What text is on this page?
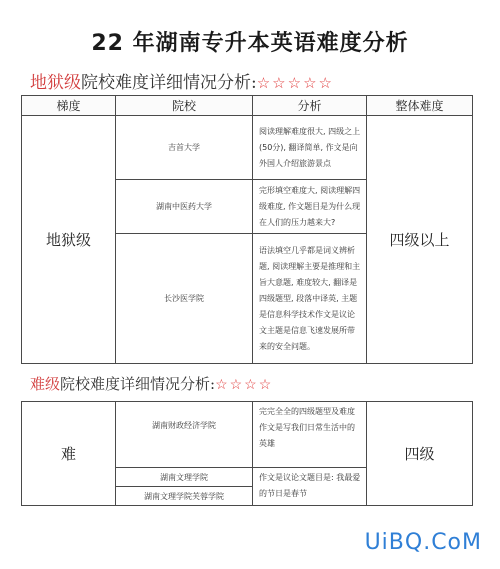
22 年湖南专升本英语难度分析
地狱级院校难度详细情况分析:☆☆☆☆☆
梯度	院校	分析	整体难度
地狱级	吉首大学	阅读理解难度很大, 四级之上(50分), 翻译简单, 作文是向外国人介绍旅游景点	四级以上
	湖南中医药大学	完形填空难度大, 阅读理解四级难度, 作文题目是为什么现在人们的压力越来大?	
	长沙医学院	语法填空几乎都是词义辨析题, 阅读理解主要是推理和主旨大意题, 难度较大, 翻译是四级题型, 段落中译英, 主题是信息科学技术作文是议论文主题是信息飞速发展所带来的安全问题。	
难级院校难度详细情况分析:☆☆☆☆
难	湖南财政经济学院	完完全全的四级题型及难度作文是写我们日常生活中的英雄	四级
	湖南文理学院	作文是议论文题目是: 我最爱的节日是春节	
	湖南文理学院芙蓉学院		
UiBQ.CoM
